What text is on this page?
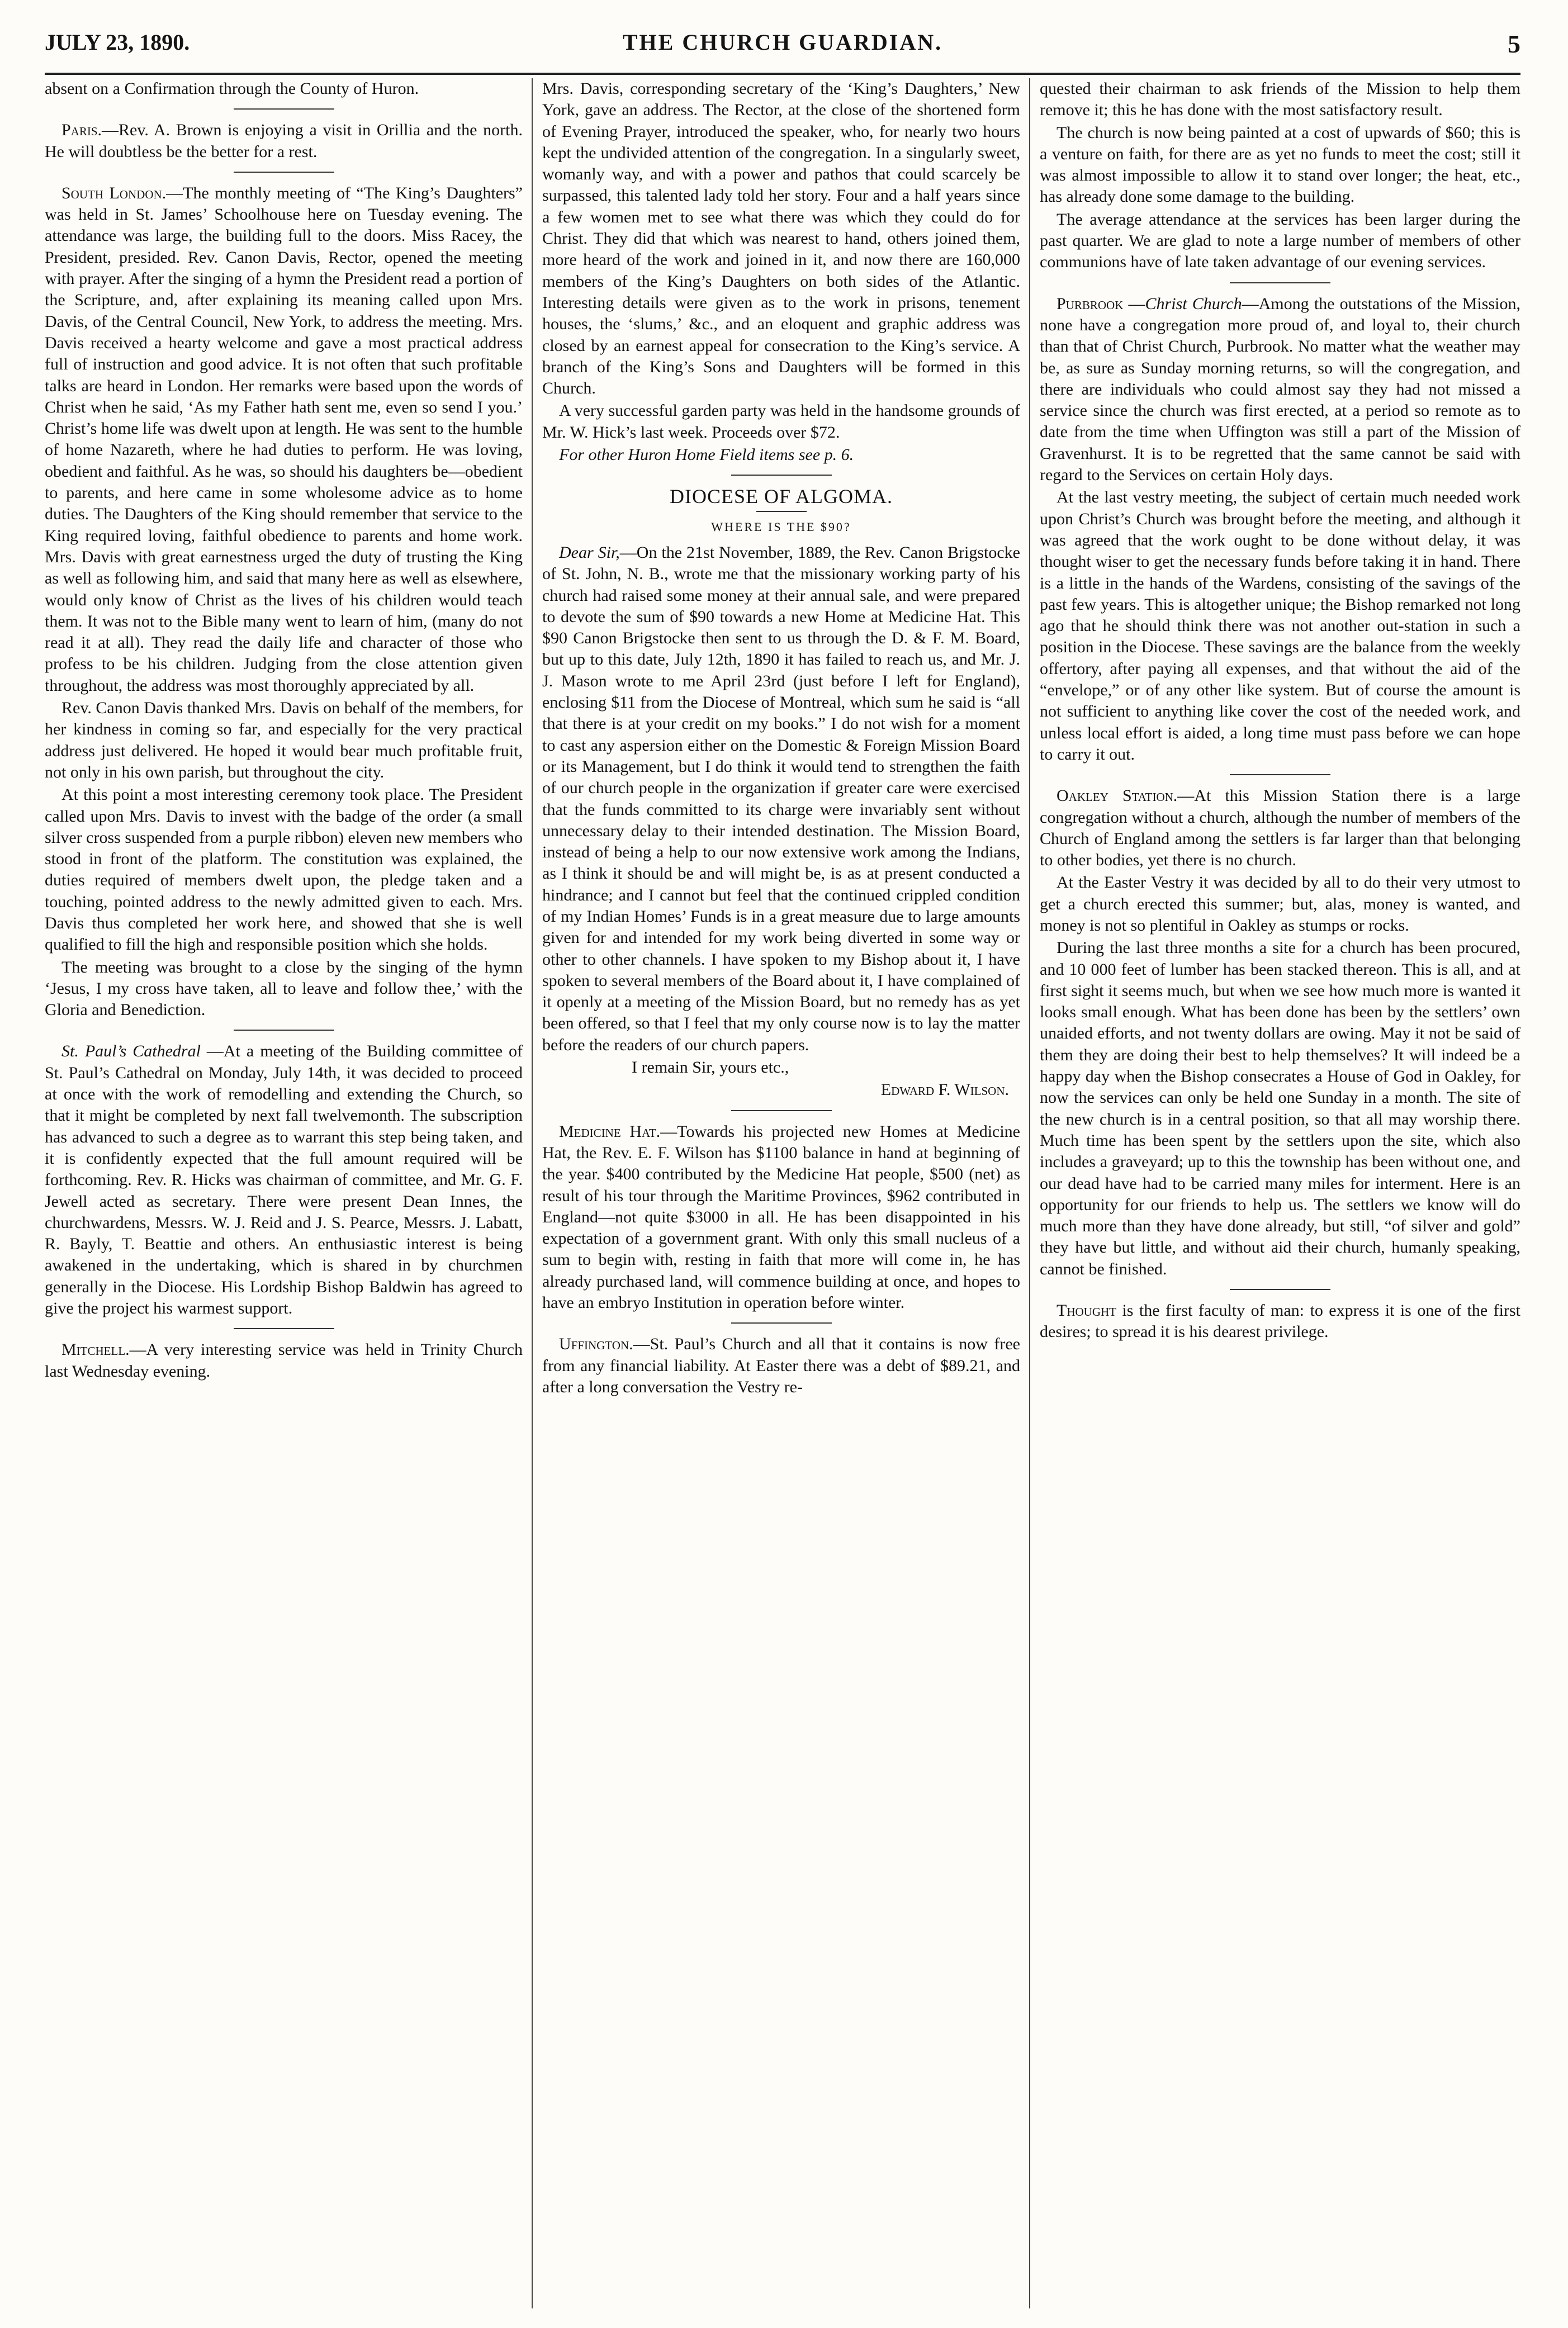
JULY 23, 1890.	THE CHURCH GUARDIAN.	5

absent on a Confirmation through the County of Huron.

Paris.—Rev. A. Brown is enjoying a visit in Orillia and the north. He will doubtless be the better for a rest.

South London.—The monthly meeting of “The King’s Daughters” was held in St. James’ Schoolhouse here on Tuesday evening. The attendance was large, the building full to the doors. Miss Racey, the President, presided. Rev. Canon Davis, Rector, opened the meeting with prayer. After the singing of a hymn the President read a portion of the Scripture, and, after explaining its meaning called upon Mrs. Davis, of the Central Council, New York, to address the meeting. Mrs. Davis received a hearty welcome and gave a most practical address full of instruction and good advice. It is not often that such profitable talks are heard in London. Her remarks were based upon the words of Christ when he said, ‘As my Father hath sent me, even so send I you.’ Christ’s home life was dwelt upon at length. He was sent to the humble of home Nazareth, where he had duties to perform. He was loving, obedient and faithful. As he was, so should his daughters be—obedient to parents, and here came in some wholesome advice as to home duties. The Daughters of the King should remember that service to the King required loving, faithful obedience to parents and home work. Mrs. Davis with great earnestness urged the duty of trusting the King as well as following him, and said that many here as well as elsewhere, would only know of Christ as the lives of his children would teach them. It was not to the Bible many went to learn of him, (many do not read it at all). They read the daily life and character of those who profess to be his children. Judging from the close attention given throughout, the address was most thoroughly appreciated by all.

Rev. Canon Davis thanked Mrs. Davis on behalf of the members, for her kindness in coming so far, and especially for the very practical address just delivered. He hoped it would bear much profitable fruit, not only in his own parish, but throughout the city.

At this point a most interesting ceremony took place. The President called upon Mrs. Davis to invest with the badge of the order (a small silver cross suspended from a purple ribbon) eleven new members who stood in front of the platform. The constitution was explained, the duties required of members dwelt upon, the pledge taken and a touching, pointed address to the newly admitted given to each. Mrs. Davis thus completed her work here, and showed that she is well qualified to fill the high and responsible position which she holds.

The meeting was brought to a close by the singing of the hymn ‘Jesus, I my cross have taken, all to leave and follow thee,’ with the Gloria and Benediction.

St. Paul’s Cathedral —At a meeting of the Building committee of St. Paul’s Cathedral on Monday, July 14th, it was decided to proceed at once with the work of remodelling and extending the Church, so that it might be completed by next fall twelvemonth. The subscription has advanced to such a degree as to warrant this step being taken, and it is confidently expected that the full amount required will be forthcoming. Rev. R. Hicks was chairman of committee, and Mr. G. F. Jewell acted as secretary. There were present Dean Innes, the churchwardens, Messrs. W. J. Reid and J. S. Pearce, Messrs. J. Labatt, R. Bayly, T. Beattie and others. An enthusiastic interest is being awakened in the undertaking, which is shared in by churchmen generally in the Diocese. His Lordship Bishop Baldwin has agreed to give the project his warmest support.

Mitchell.—A very interesting service was held in Trinity Church last Wednesday evening.

Mrs. Davis, corresponding secretary of the ‘King’s Daughters,’ New York, gave an address. The Rector, at the close of the shortened form of Evening Prayer, introduced the speaker, who, for nearly two hours kept the undivided attention of the congregation. In a singularly sweet, womanly way, and with a power and pathos that could scarcely be surpassed, this talented lady told her story. Four and a half years since a few women met to see what there was which they could do for Christ. They did that which was nearest to hand, others joined them, more heard of the work and joined in it, and now there are 160,000 members of the King’s Daughters on both sides of the Atlantic. Interesting details were given as to the work in prisons, tenement houses, the ‘slums,’ &c., and an eloquent and graphic address was closed by an earnest appeal for consecration to the King’s service. A branch of the King’s Sons and Daughters will be formed in this Church.

A very successful garden party was held in the handsome grounds of Mr. W. Hick’s last week. Proceeds over $72.

For other Huron Home Field items see p. 6.

DIOCESE OF ALGOMA.
WHERE IS THE $90?

Dear Sir,—On the 21st November, 1889, the Rev. Canon Brigstocke of St. John, N. B., wrote me that the missionary working party of his church had raised some money at their annual sale, and were prepared to devote the sum of $90 towards a new Home at Medicine Hat. This $90 Canon Brigstocke then sent to us through the D. & F. M. Board, but up to this date, July 12th, 1890 it has failed to reach us, and Mr. J. J. Mason wrote to me April 23rd (just before I left for England), enclosing $11 from the Diocese of Montreal, which sum he said is “all that there is at your credit on my books.” I do not wish for a moment to cast any aspersion either on the Domestic & Foreign Mission Board or its Management, but I do think it would tend to strengthen the faith of our church people in the organization if greater care were exercised that the funds committed to its charge were invariably sent without unnecessary delay to their intended destination. The Mission Board, instead of being a help to our now extensive work among the Indians, as I think it should be and will might be, is as at present conducted a hindrance; and I cannot but feel that the continued crippled condition of my Indian Homes’ Funds is in a great measure due to large amounts given for and intended for my work being diverted in some way or other to other channels. I have spoken to my Bishop about it, I have spoken to several members of the Board about it, I have complained of it openly at a meeting of the Mission Board, but no remedy has as yet been offered, so that I feel that my only course now is to lay the matter before the readers of our church papers.

I remain Sir, yours etc.,

Edward F. Wilson.

Medicine Hat.—Towards his projected new Homes at Medicine Hat, the Rev. E. F. Wilson has $1100 balance in hand at beginning of the year. $400 contributed by the Medicine Hat people, $500 (net) as result of his tour through the Maritime Provinces, $962 contributed in England—not quite $3000 in all. He has been disappointed in his expectation of a government grant. With only this small nucleus of a sum to begin with, resting in faith that more will come in, he has already purchased land, will commence building at once, and hopes to have an embryo Institution in operation before winter.

Uffington.—St. Paul’s Church and all that it contains is now free from any financial liability. At Easter there was a debt of $89.21, and after a long conversation the Vestry re-

quested their chairman to ask friends of the Mission to help them remove it; this he has done with the most satisfactory result.

The church is now being painted at a cost of upwards of $60; this is a venture on faith, for there are as yet no funds to meet the cost; still it was almost impossible to allow it to stand over longer; the heat, etc., has already done some damage to the building.

The average attendance at the services has been larger during the past quarter. We are glad to note a large number of members of other communions have of late taken advantage of our evening services.

Purbrook —Christ Church—Among the outstations of the Mission, none have a congregation more proud of, and loyal to, their church than that of Christ Church, Purbrook. No matter what the weather may be, as sure as Sunday morning returns, so will the congregation, and there are individuals who could almost say they had not missed a service since the church was first erected, at a period so remote as to date from the time when Uffington was still a part of the Mission of Gravenhurst. It is to be regretted that the same cannot be said with regard to the Services on certain Holy days.

At the last vestry meeting, the subject of certain much needed work upon Christ’s Church was brought before the meeting, and although it was agreed that the work ought to be done without delay, it was thought wiser to get the necessary funds before taking it in hand. There is a little in the hands of the Wardens, consisting of the savings of the past few years. This is altogether unique; the Bishop remarked not long ago that he should think there was not another out-station in such a position in the Diocese. These savings are the balance from the weekly offertory, after paying all expenses, and that without the aid of the “envelope,” or of any other like system. But of course the amount is not sufficient to anything like cover the cost of the needed work, and unless local effort is aided, a long time must pass before we can hope to carry it out.

Oakley Station.—At this Mission Station there is a large congregation without a church, although the number of members of the Church of England among the settlers is far larger than that belonging to other bodies, yet there is no church.

At the Easter Vestry it was decided by all to do their very utmost to get a church erected this summer; but, alas, money is wanted, and money is not so plentiful in Oakley as stumps or rocks.

During the last three months a site for a church has been procured, and 10 000 feet of lumber has been stacked thereon. This is all, and at first sight it seems much, but when we see how much more is wanted it looks small enough. What has been done has been by the settlers’ own unaided efforts, and not twenty dollars are owing. May it not be said of them they are doing their best to help themselves? It will indeed be a happy day when the Bishop consecrates a House of God in Oakley, for now the services can only be held one Sunday in a month. The site of the new church is in a central position, so that all may worship there. Much time has been spent by the settlers upon the site, which also includes a graveyard; up to this the township has been without one, and our dead have had to be carried many miles for interment. Here is an opportunity for our friends to help us. The settlers we know will do much more than they have done already, but still, “of silver and gold” they have but little, and without aid their church, humanly speaking, cannot be finished.

Thought is the first faculty of man: to express it is one of the first desires; to spread it is his dearest privilege.
